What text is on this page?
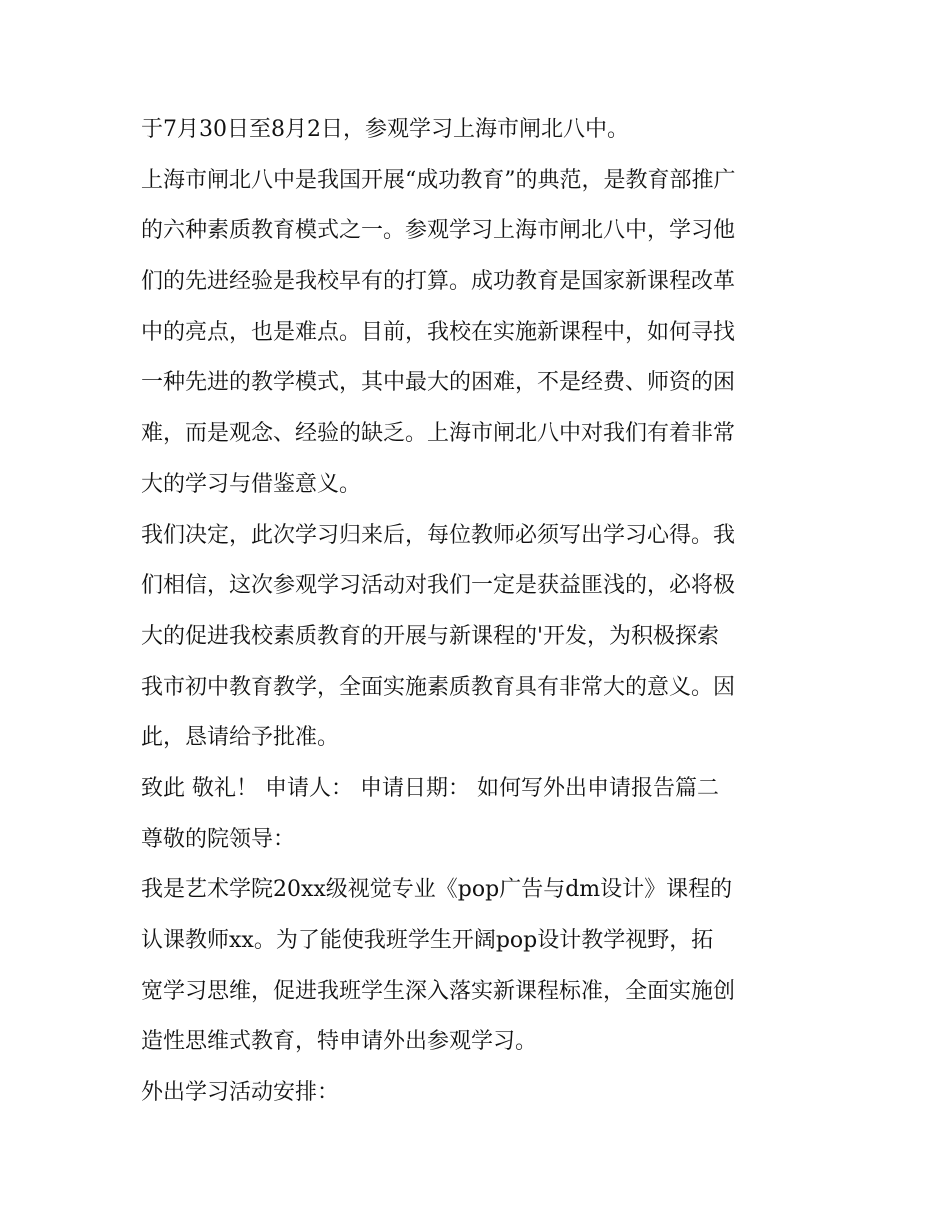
于7月30日至8月2日，参观学习上海市闸北八中。
上海市闸北八中是我国开展“成功教育”的典范，是教育部推广
的六种素质教育模式之一。参观学习上海市闸北八中，学习他
们的先进经验是我校早有的打算。成功教育是国家新课程改革
中的亮点，也是难点。目前，我校在实施新课程中，如何寻找
一种先进的教学模式，其中最大的困难，不是经费、师资的困
难，而是观念、经验的缺乏。上海市闸北八中对我们有着非常
大的学习与借鉴意义。
我们决定，此次学习归来后，每位教师必须写出学习心得。我
们相信，这次参观学习活动对我们一定是获益匪浅的，必将极
大的促进我校素质教育的开展与新课程的'开发，为积极探索
我市初中教育教学，全面实施素质教育具有非常大的意义。因
此，恳请给予批准。
致此 敬礼！ 申请人： 申请日期： 如何写外出申请报告篇二
尊敬的院领导：
我是艺术学院20xx级视觉专业《pop广告与dm设计》课程的
认课教师xx。为了能使我班学生开阔pop设计教学视野，拓
宽学习思维，促进我班学生深入落实新课程标准，全面实施创
造性思维式教育，特申请外出参观学习。
外出学习活动安排：
